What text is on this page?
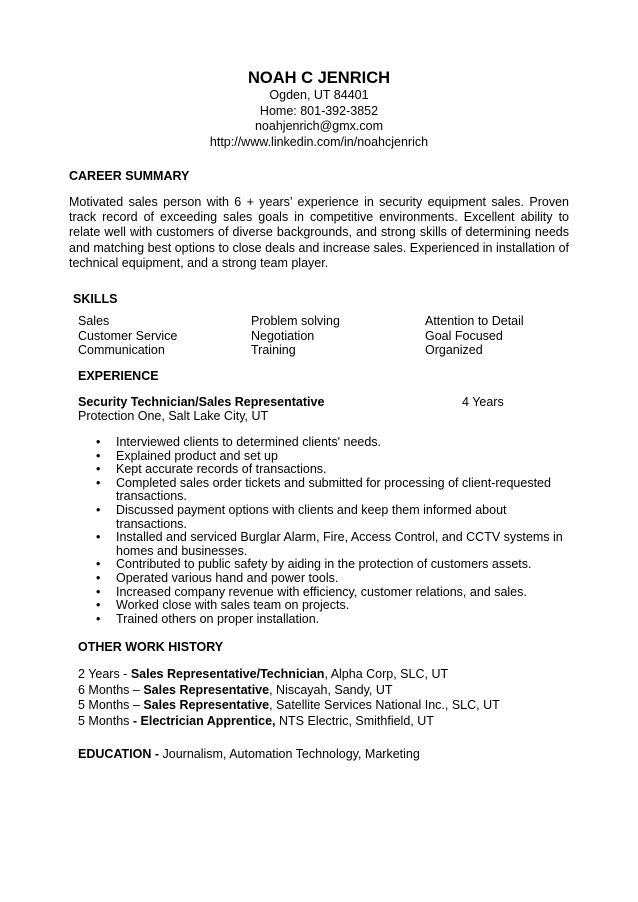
NOAH C JENRICH
Ogden, UT 84401
Home: 801-392-3852
noahjenrich@gmx.com
http://www.linkedin.com/in/noahcjenrich
CAREER SUMMARY
Motivated sales person with 6 + years’ experience in security equipment sales. Proven track record of exceeding sales goals in competitive environments. Excellent ability to relate well with customers of diverse backgrounds, and strong skills of determining needs and matching best options to close deals and increase sales. Experienced in installation of technical equipment, and a strong team player.
SKILLS
Sales
Customer Service
Communication
Problem solving
Negotiation
Training
Attention to Detail
Goal Focused
Organized
EXPERIENCE
Security Technician/Sales Representative	4 Years
Protection One, Salt Lake City, UT
• Interviewed clients to determined clients' needs.
• Explained product and set up
• Kept accurate records of transactions.
• Completed sales order tickets and submitted for processing of client-requested transactions.
• Discussed payment options with clients and keep them informed about transactions.
• Installed and serviced Burglar Alarm, Fire, Access Control, and CCTV systems in homes and businesses.
• Contributed to public safety by aiding in the protection of customers assets.
• Operated various hand and power tools.
• Increased company revenue with efficiency, customer relations, and sales.
• Worked close with sales team on projects.
• Trained others on proper installation.
OTHER WORK HISTORY
2 Years - Sales Representative/Technician, Alpha Corp, SLC, UT
6 Months – Sales Representative, Niscayah, Sandy, UT
5 Months – Sales Representative, Satellite Services National Inc., SLC, UT
5 Months - Electrician Apprentice, NTS Electric, Smithfield, UT
EDUCATION - Journalism, Automation Technology, Marketing
